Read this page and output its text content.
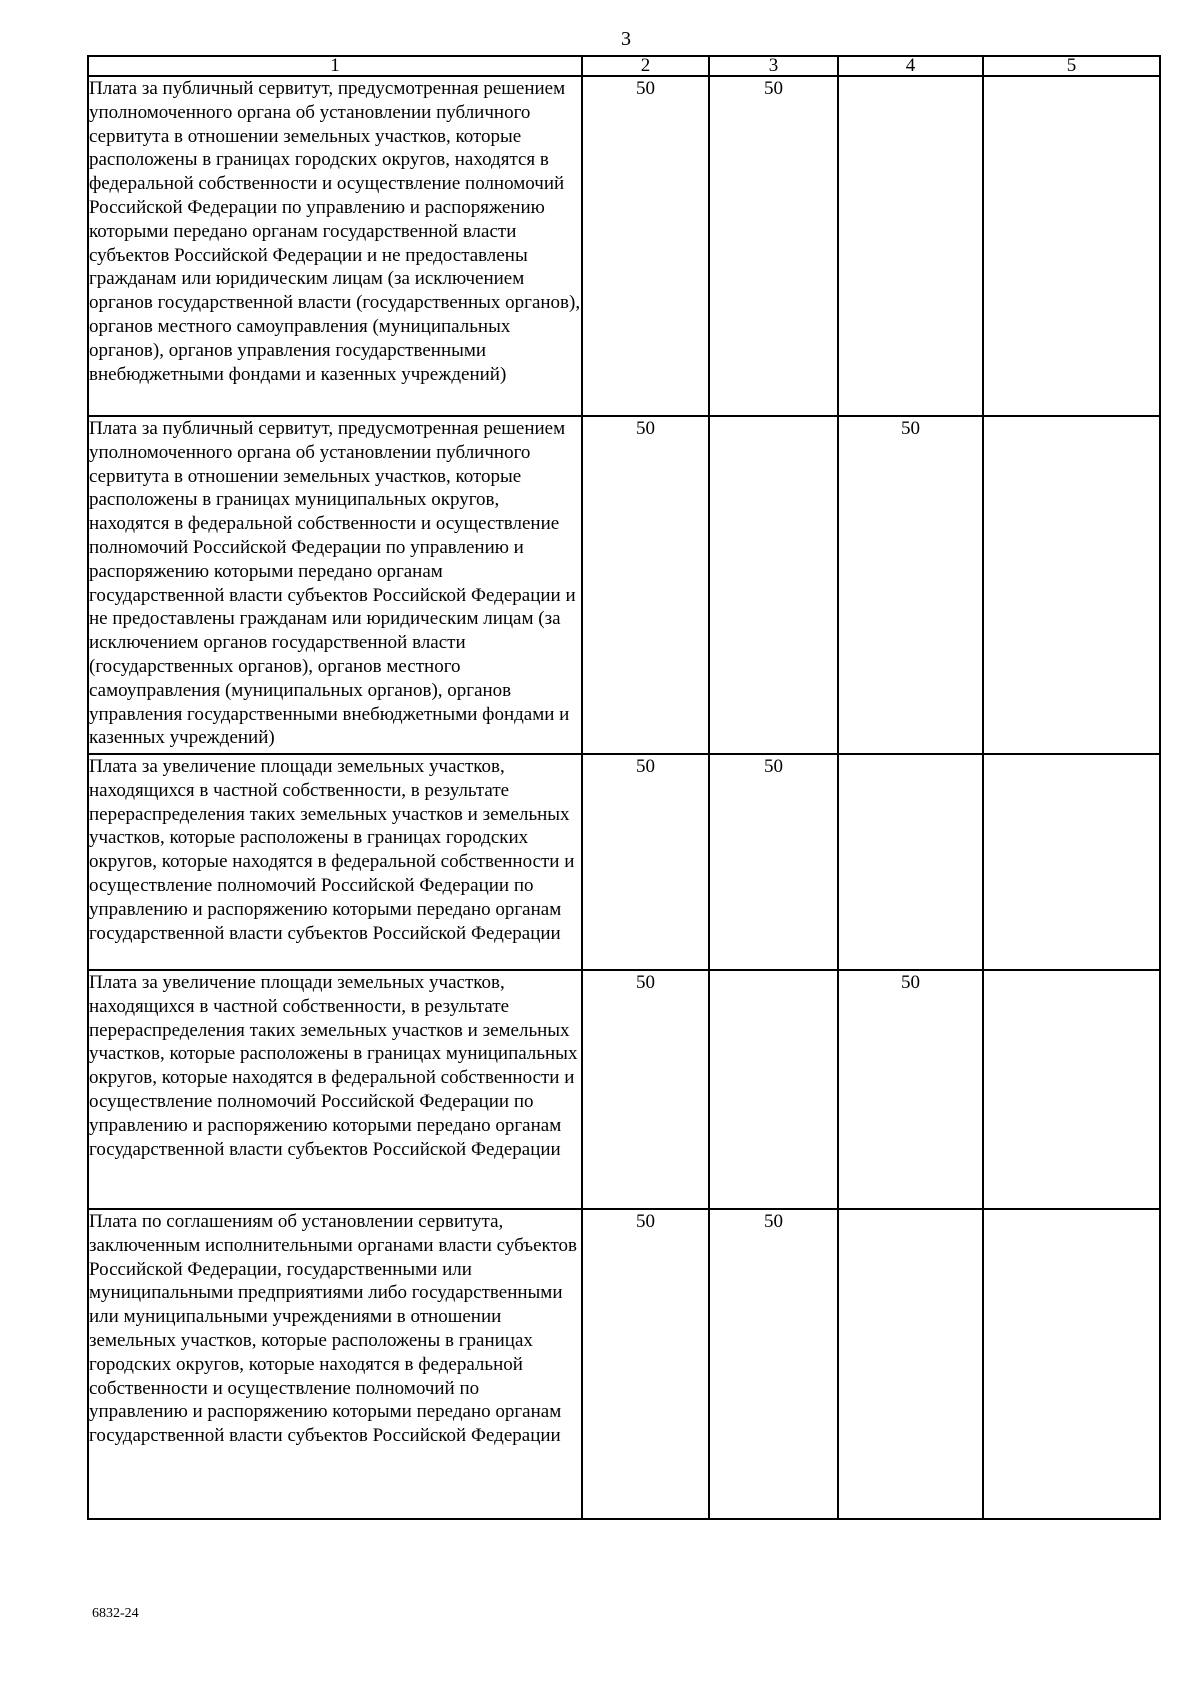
3
1	2	3	4	5
Плата за публичный сервитут, предусмотренная решением уполномоченного органа об установлении публичного сервитута в отношении земельных участков, которые расположены в границах городских округов, находятся в федеральной собственности и осуществление полномочий Российской Федерации по управлению и распоряжению которыми передано органам государственной власти субъектов Российской Федерации и не предоставлены гражданам или юридическим лицам (за исключением органов государственной власти (государственных органов), органов местного самоуправления (муниципальных органов), органов управления государственными внебюджетными фондами и казенных учреждений)	50	50		
Плата за публичный сервитут, предусмотренная решением уполномоченного органа об установлении публичного сервитута в отношении земельных участков, которые расположены в границах муниципальных округов, находятся в федеральной собственности и осуществление полномочий Российской Федерации по управлению и распоряжению которыми передано органам государственной власти субъектов Российской Федерации и не предоставлены гражданам или юридическим лицам (за исключением органов государственной власти (государственных органов), органов местного самоуправления (муниципальных органов), органов управления государственными внебюджетными фондами и казенных учреждений)	50		50	
Плата за увеличение площади земельных участков, находящихся в частной собственности, в результате перераспределения таких земельных участков и земельных участков, которые расположены в границах городских округов, которые находятся в федеральной собственности и осуществление полномочий Российской Федерации по управлению и распоряжению которыми передано органам государственной власти субъектов Российской Федерации	50	50		
Плата за увеличение площади земельных участков, находящихся в частной собственности, в результате перераспределения таких земельных участков и земельных участков, которые расположены в границах муниципальных округов, которые находятся в федеральной собственности и осуществление полномочий Российской Федерации по управлению и распоряжению которыми передано органам государственной власти субъектов Российской Федерации	50		50	
Плата по соглашениям об установлении сервитута, заключенным исполнительными органами власти субъектов Российской Федерации, государственными или муниципальными предприятиями либо государственными или муниципальными учреждениями в отношении земельных участков, которые расположены в границах городских округов, которые находятся в федеральной собственности и осуществление полномочий по управлению и распоряжению которыми передано органам государственной власти субъектов Российской Федерации	50	50		
6832-24
